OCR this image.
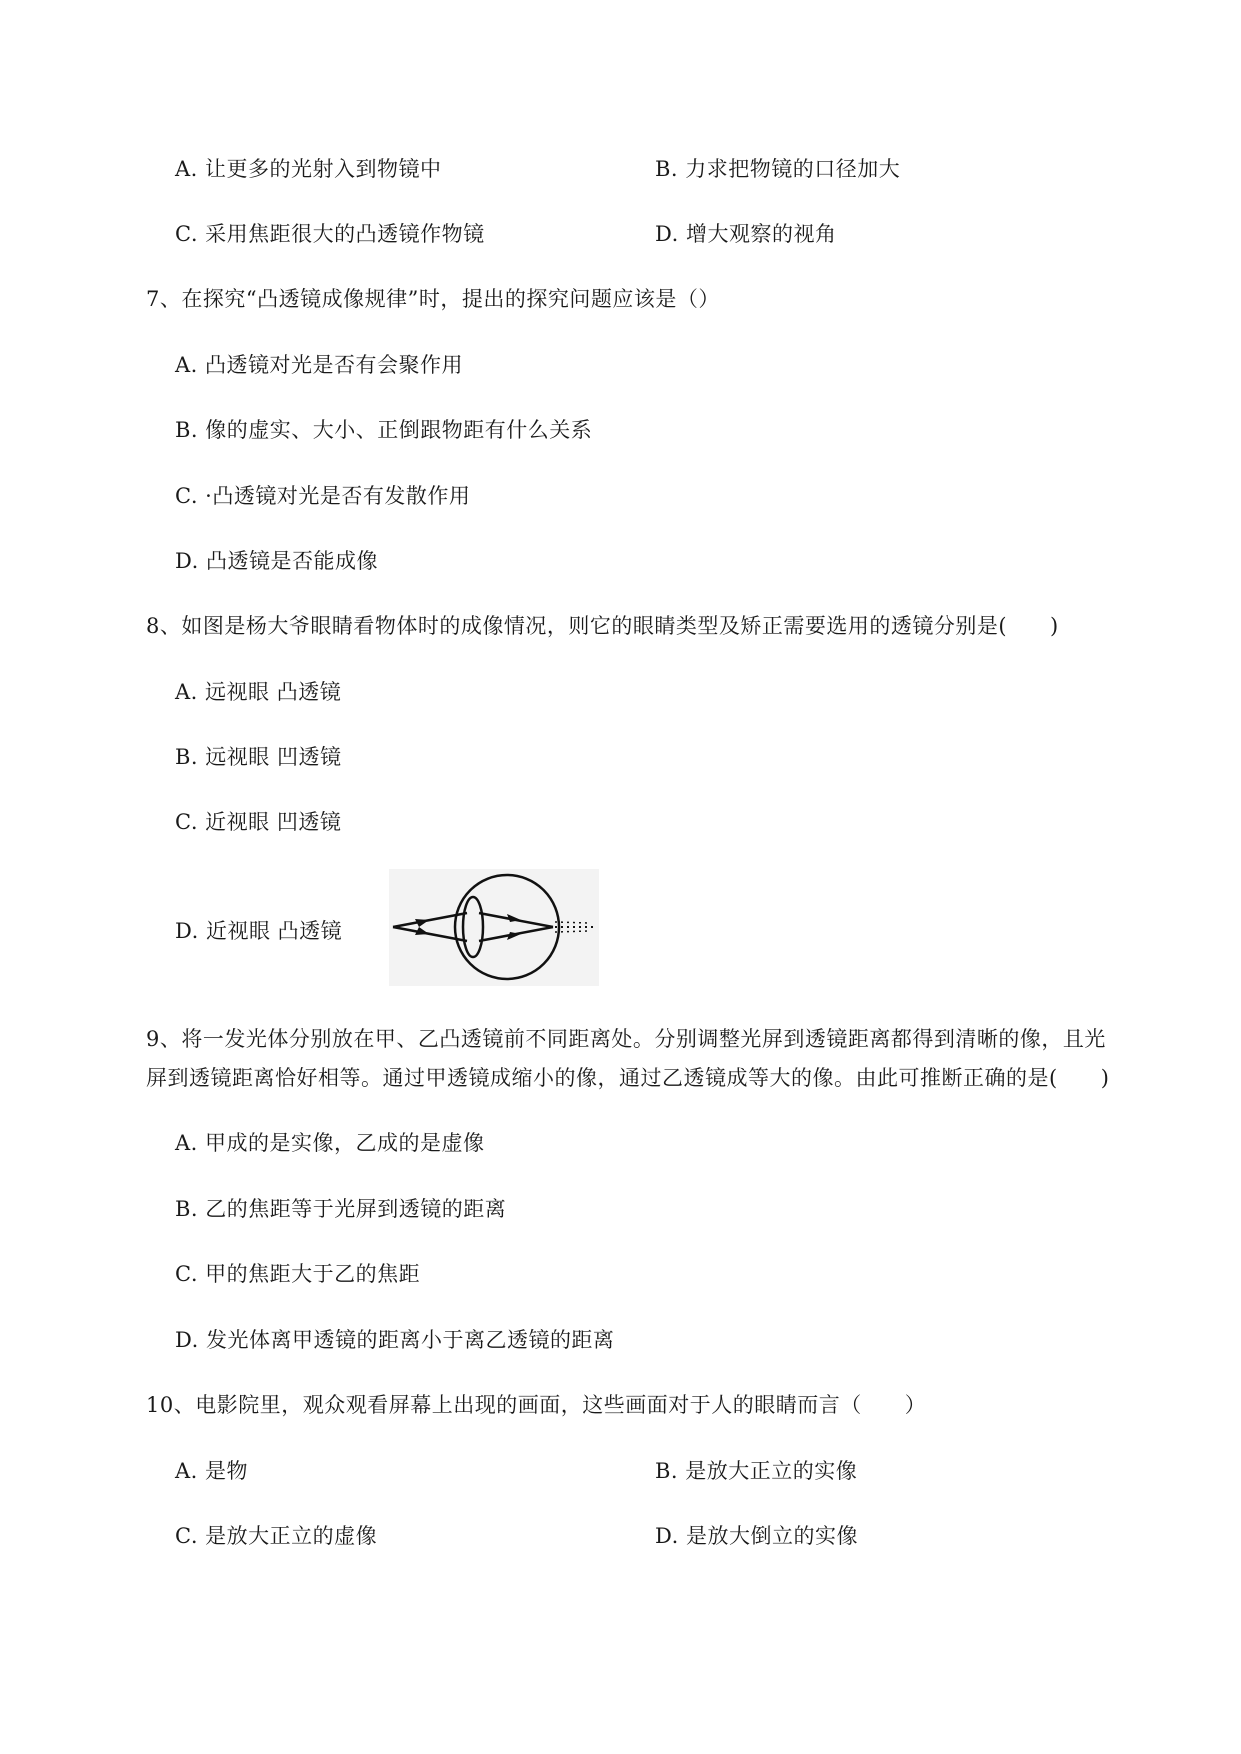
A. 让更多的光射入到物镜中	B. 力求把物镜的口径加大
C. 采用焦距很大的凸透镜作物镜	D. 增大观察的视角
7、在探究“凸透镜成像规律”时，提出的探究问题应该是（）
A. 凸透镜对光是否有会聚作用
B. 像的虚实、大小、正倒跟物距有什么关系
C. ·凸透镜对光是否有发散作用
D. 凸透镜是否能成像
8、如图是杨大爷眼睛看物体时的成像情况，则它的眼睛类型及矫正需要选用的透镜分别是(　　)
A. 远视眼 凸透镜
B. 远视眼 凹透镜
C. 近视眼 凹透镜
D. 近视眼 凸透镜
9、将一发光体分别放在甲、乙凸透镜前不同距离处。分别调整光屏到透镜距离都得到清晰的像，且光
屏到透镜距离恰好相等。通过甲透镜成缩小的像，通过乙透镜成等大的像。由此可推断正确的是(　　)
A. 甲成的是实像，乙成的是虚像
B. 乙的焦距等于光屏到透镜的距离
C. 甲的焦距大于乙的焦距
D. 发光体离甲透镜的距离小于离乙透镜的距离
10、电影院里，观众观看屏幕上出现的画面，这些画面对于人的眼睛而言（　　）
A. 是物	B. 是放大正立的实像
C. 是放大正立的虚像	D. 是放大倒立的实像
